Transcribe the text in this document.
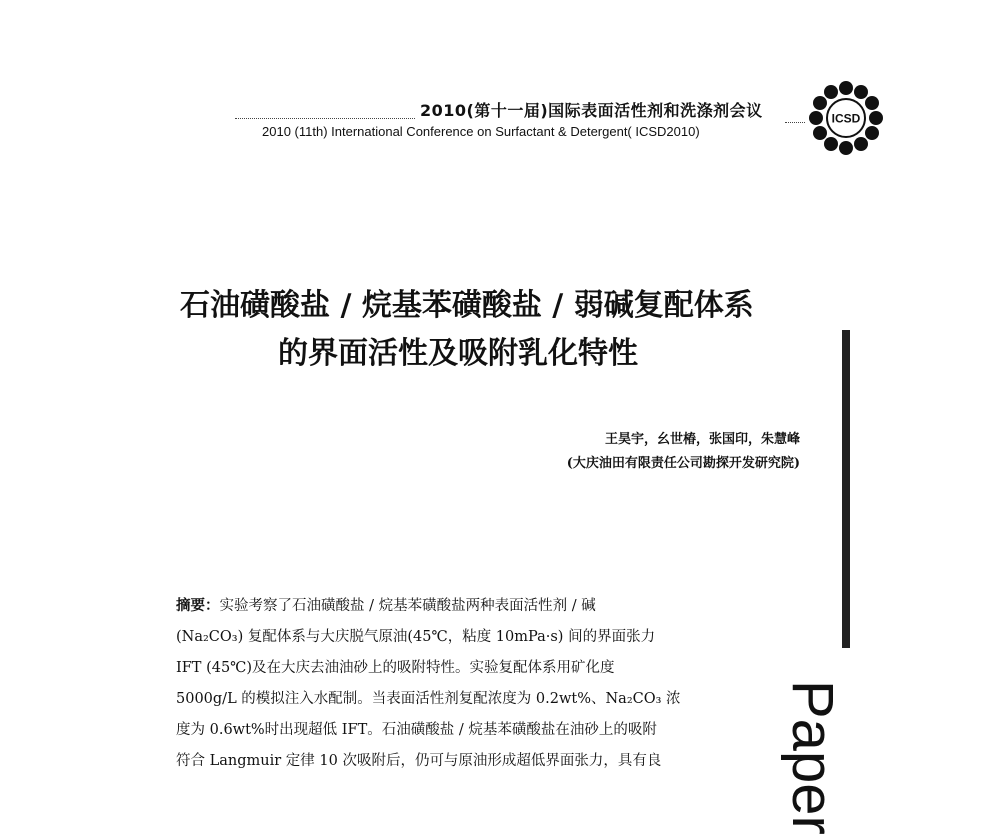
2010(第十一届)国际表面活性剂和洗涤剂会议
2010 (11th) International Conference on Surfactant & Detergent( ICSD2010)
ICSD
石油磺酸盐 / 烷基苯磺酸盐 / 弱碱复配体系
的界面活性及吸附乳化特性
王昊宇，幺世椿，张国印，朱慧峰
(大庆油田有限责任公司勘探开发研究院)
Paper

摘要：实验考察了石油磺酸盐 / 烷基苯磺酸盐两种表面活性剂 / 碱

(Na₂CO₃) 复配体系与大庆脱气原油(45℃，粘度 10mPa·s) 间的界面张力

IFT (45℃)及在大庆去油油砂上的吸附特性。实验复配体系用矿化度

5000g/L 的模拟注入水配制。当表面活性剂复配浓度为 0.2wt%、Na₂CO₃ 浓

度为 0.6wt%时出现超低 IFT。石油磺酸盐 / 烷基苯磺酸盐在油砂上的吸附

符合 Langmuir 定律 10 次吸附后，仍可与原油形成超低界面张力，具有良
